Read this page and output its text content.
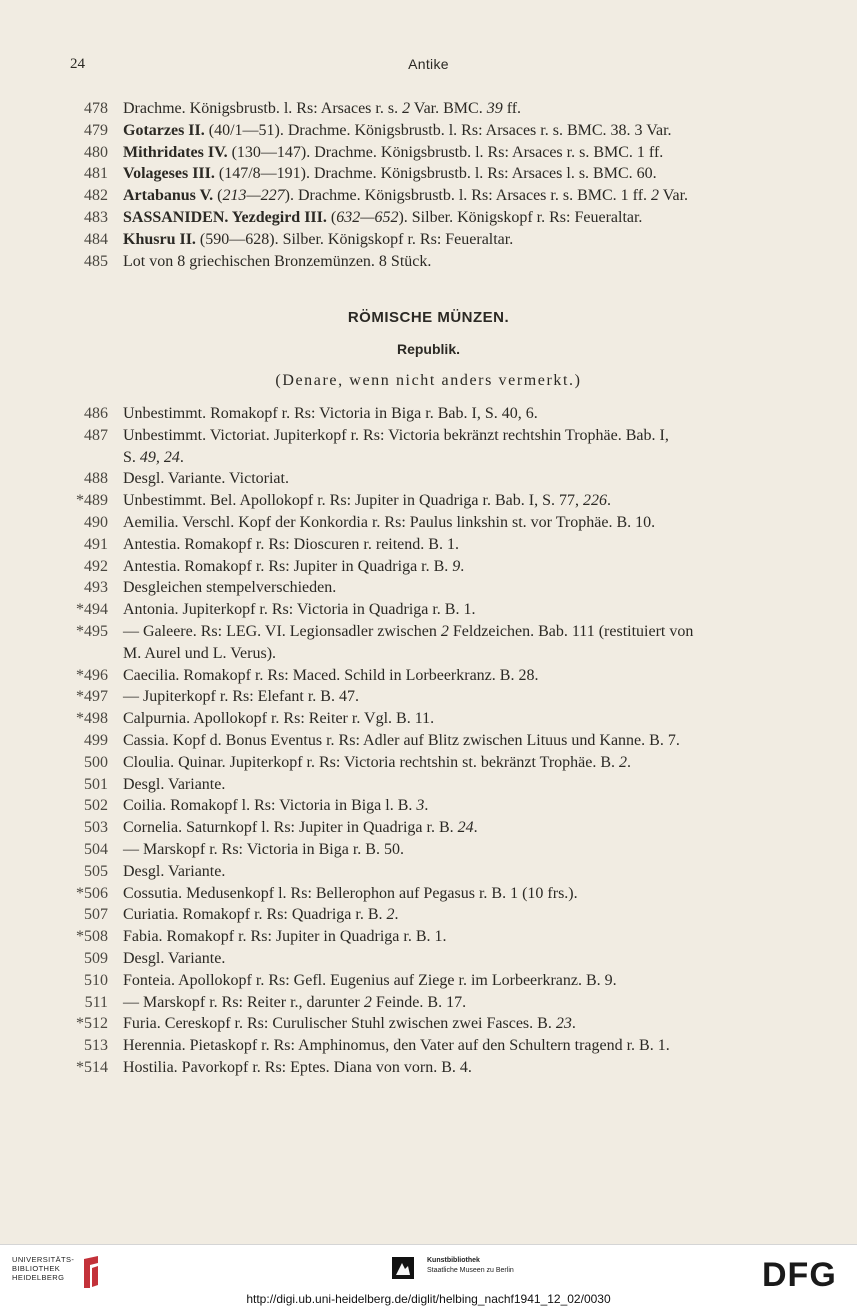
24	Antike
478 Drachme. Königsbrustb. l. Rs: Arsaces r. s. 2 Var. BMC. 39 ff.
479 Gotarzes II. (40/1—51). Drachme. Königsbrustb. l. Rs: Arsaces r. s. BMC. 38. 3 Var.
480 Mithridates IV. (130—147). Drachme. Königsbrustb. l. Rs: Arsaces r. s. BMC. 1 ff.
481 Volageses III. (147/8—191). Drachme. Königsbrustb. l. Rs: Arsaces l. s. BMC. 60.
482 Artabanus V. (213—227). Drachme. Königsbrustb. l. Rs: Arsaces r. s. BMC. 1 ff. 2 Var.
483 SASSANIDEN. Yezdegird III. (632—652). Silber. Königskopf r. Rs: Feueraltar.
484 Khusru II. (590—628). Silber. Königskopf r. Rs: Feueraltar.
485 Lot von 8 griechischen Bronzemünzen. 8 Stück.
RÖMISCHE MÜNZEN.
Republik.
(Denare, wenn nicht anders vermerkt.)
486 Unbestimmt. Romakopf r. Rs: Victoria in Biga r. Bab. I, S. 40, 6.
487 Unbestimmt. Victoriat. Jupiterkopf r. Rs: Victoria bekränzt rechtshin Trophäe. Bab. I,
S. 49, 24.
488 Desgl. Variante. Victoriat.
*489 Unbestimmt. Bel. Apollokopf r. Rs: Jupiter in Quadriga r. Bab. I, S. 77, 226.
490 Aemilia. Verschl. Kopf der Konkordia r. Rs: Paulus linkshin st. vor Trophäe. B. 10.
491 Antestia. Romakopf r. Rs: Dioscuren r. reitend. B. 1.
492 Antestia. Romakopf r. Rs: Jupiter in Quadriga r. B. 9.
493 Desgleichen stempelverschieden.
*494 Antonia. Jupiterkopf r. Rs: Victoria in Quadriga r. B. 1.
*495 — Galeere. Rs: LEG. VI. Legionsadler zwischen 2 Feldzeichen. Bab. 111 (restituiert von
M. Aurel und L. Verus).
*496 Caecilia. Romakopf r. Rs: Maced. Schild in Lorbeerkranz. B. 28.
*497 — Jupiterkopf r. Rs: Elefant r. B. 47.
*498 Calpurnia. Apollokopf r. Rs: Reiter r. Vgl. B. 11.
499 Cassia. Kopf d. Bonus Eventus r. Rs: Adler auf Blitz zwischen Lituus und Kanne. B. 7.
500 Cloulia. Quinar. Jupiterkopf r. Rs: Victoria rechtshin st. bekränzt Trophäe. B. 2.
501 Desgl. Variante.
502 Coilia. Romakopf l. Rs: Victoria in Biga l. B. 3.
503 Cornelia. Saturnkopf l. Rs: Jupiter in Quadriga r. B. 24.
504 — Marskopf r. Rs: Victoria in Biga r. B. 50.
505 Desgl. Variante.
*506 Cossutia. Medusenkopf l. Rs: Bellerophon auf Pegasus r. B. 1 (10 frs.).
507 Curiatia. Romakopf r. Rs: Quadriga r. B. 2.
*508 Fabia. Romakopf r. Rs: Jupiter in Quadriga r. B. 1.
509 Desgl. Variante.
510 Fonteia. Apollokopf r. Rs: Gefl. Eugenius auf Ziege r. im Lorbeerkranz. B. 9.
511 — Marskopf r. Rs: Reiter r., darunter 2 Feinde. B. 17.
*512 Furia. Cereskopf r. Rs: Curulischer Stuhl zwischen zwei Fasces. B. 23.
513 Herennia. Pietaskopf r. Rs: Amphinomus, den Vater auf den Schultern tragend r. B. 1.
*514 Hostilia. Pavorkopf r. Rs: Eptes. Diana von vorn. B. 4.
UNIVERSITÄTS-
BIBLIOTHEK
HEIDELBERG
Kunstbibliothek
Staatliche Museen zu Berlin	DFG
http://digi.ub.uni-heidelberg.de/diglit/helbing_nachf1941_12_02/0030
